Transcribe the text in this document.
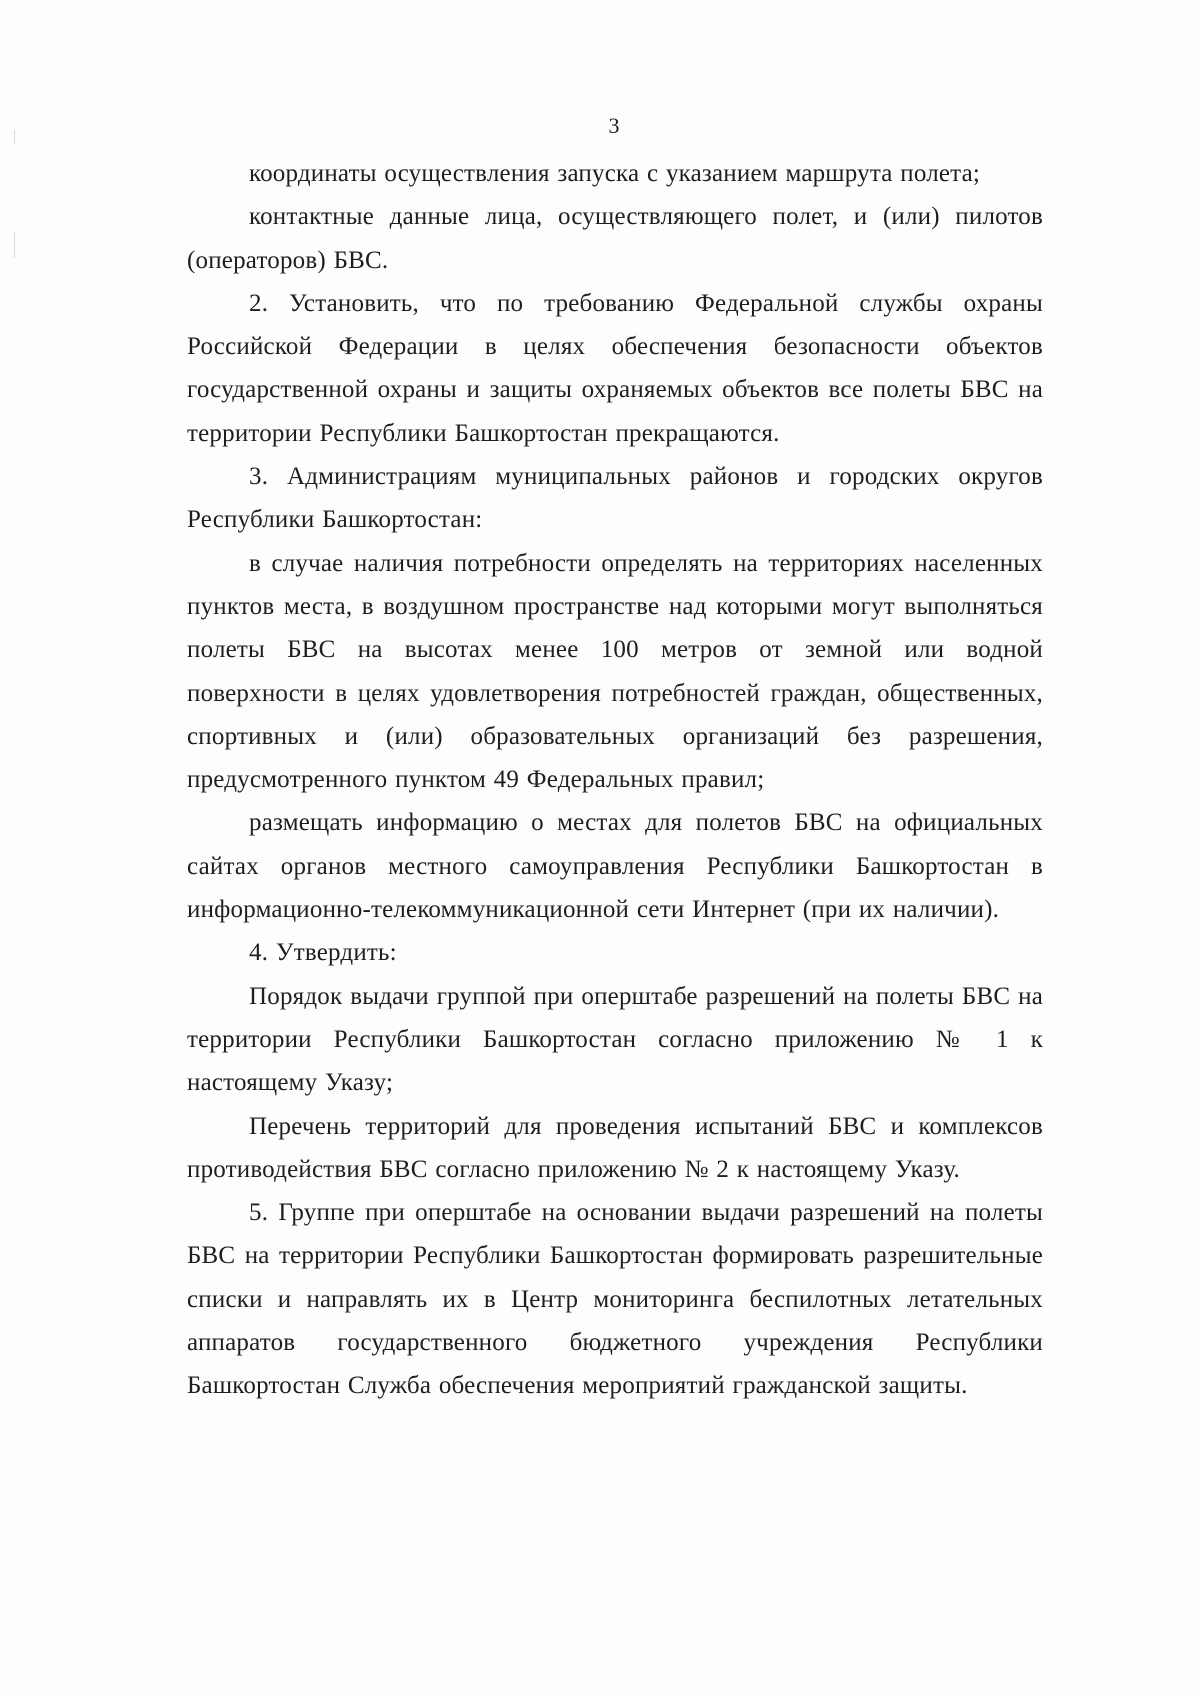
3

координаты осуществления запуска с указанием маршрута полета;

контактные данные лица, осуществляющего полет, и (или) пилотов (операторов) БВС.

2. Установить, что по требованию Федеральной службы охраны Российской Федерации в целях обеспечения безопасности объектов государственной охраны и защиты охраняемых объектов все полеты БВС на территории Республики Башкортостан прекращаются.

3. Администрациям муниципальных районов и городских округов Республики Башкортостан:

в случае наличия потребности определять на территориях населенных пунктов места, в воздушном пространстве над которыми могут выполняться полеты БВС на высотах менее 100 метров от земной или водной поверхности в целях удовлетворения потребностей граждан, общественных, спортивных и (или) образовательных организаций без разрешения, предусмотренного пунктом 49 Федеральных правил;

размещать информацию о местах для полетов БВС на официальных сайтах органов местного самоуправления Республики Башкортостан в информационно-телекоммуникационной сети Интернет (при их наличии).

4. Утвердить:

Порядок выдачи группой при оперштабе разрешений на полеты БВС на территории Республики Башкортостан согласно приложению № 1 к настоящему Указу;

Перечень территорий для проведения испытаний БВС и комплексов противодействия БВС согласно приложению № 2 к настоящему Указу.

5. Группе при оперштабе на основании выдачи разрешений на полеты БВС на территории Республики Башкортостан формировать разрешительные списки и направлять их в Центр мониторинга беспилотных летательных аппаратов государственного бюджетного учреждения Республики Башкортостан Служба обеспечения мероприятий гражданской защиты.
